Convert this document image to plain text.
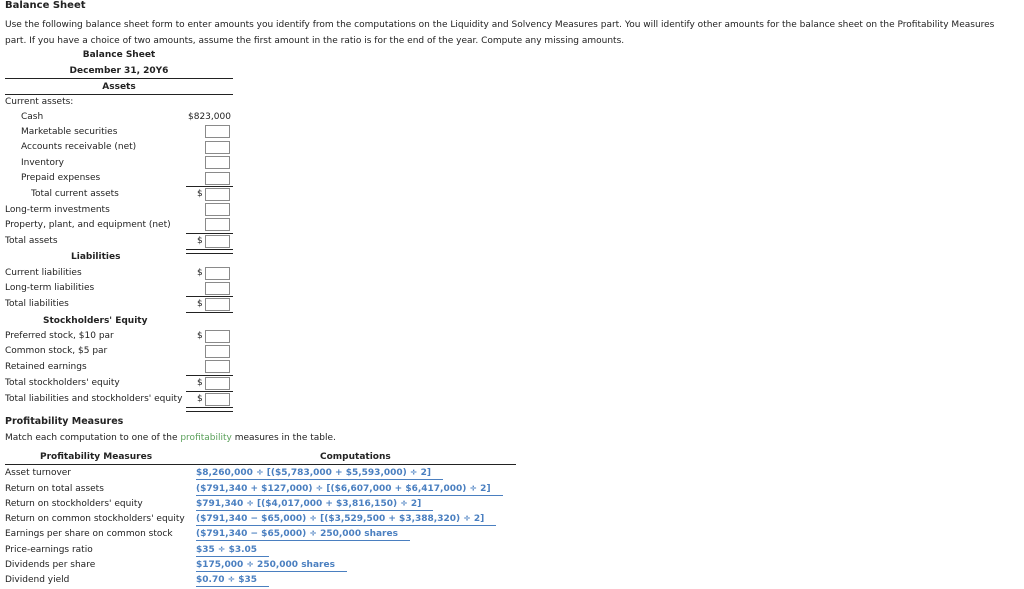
Balance Sheet
Use the following balance sheet form to enter amounts you identify from the computations on the Liquidity and Solvency Measures part. You will identify other amounts for the balance sheet on the Profitability Measures part. If you have a choice of two amounts, assume the first amount in the ratio is for the end of the year. Compute any missing amounts.
Balance Sheet
December 31, 20Y6
Assets
Current assets:
Cash	$823,000
Marketable securities
Accounts receivable (net)
Inventory
Prepaid expenses
Total current assets	$
Long-term investments
Property, plant, and equipment (net)
Total assets	$
Liabilities
Current liabilities	$
Long-term liabilities
Total liabilities	$
Stockholders' Equity
Preferred stock, $10 par	$
Common stock, $5 par
Retained earnings
Total stockholders' equity	$
Total liabilities and stockholders' equity $
Profitability Measures
Match each computation to one of the profitability measures in the table.
Profitability Measures	Computations
Asset turnover	$8,260,000 ÷ [($5,783,000 + $5,593,000) ÷ 2]
Return on total assets	($791,340 + $127,000) ÷ [($6,607,000 + $6,417,000) ÷ 2]
Return on stockholders' equity	$791,340 ÷ [($4,017,000 + $3,816,150) ÷ 2]
Return on common stockholders' equity ($791,340 − $65,000) ÷ [($3,529,500 + $3,388,320) ÷ 2]
Earnings per share on common stock	($791,340 − $65,000) ÷ 250,000 shares
Price-earnings ratio	$35 ÷ $3.05
Dividends per share	$175,000 ÷ 250,000 shares
Dividend yield	$0.70 ÷ $35
